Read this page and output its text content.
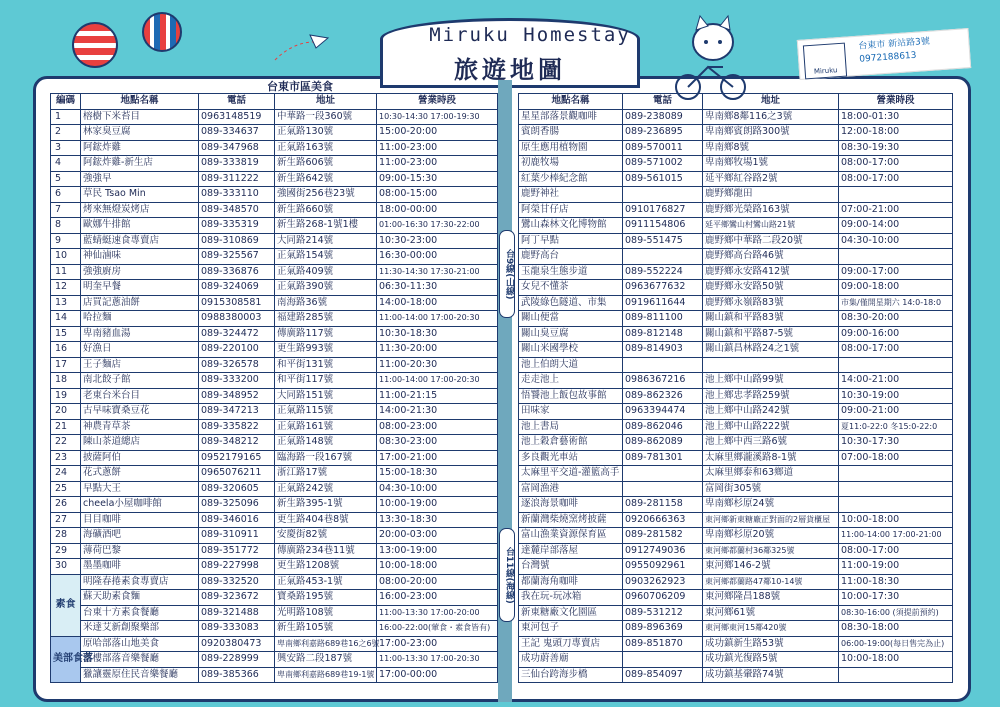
Miruku Homestay
旅遊地圖
台東市 新站路3號
0972188613
Miruku
台東市區美食
編碼	地點名稱	電話	地址	營業時段
1	榕樹下米苔目	0963148519	中華路一段360號	10:30-14:30 17:00-19:30
2	林家臭豆腐	089-334637	正氣路130號	15:00-20:00
3	阿鋐炸雞	089-347968	正氣路163號	11:00-23:00
4	阿鋐炸雞-新生店	089-333819	新生路606號	11:00-23:00
5	強強早	089-311222	新生路642號	09:00-15:30
6	草民 Tsao Min	089-333110	強國街256巷23號	08:00-15:00
7	烤來無燈炭烤店	089-348570	新生路660號	18:00-00:00
8	歐娜牛排館	089-335319	新生路268-1號1樓	01:00-16:30 17:30-22:00
9	藍蜻蜓速食專賣店	089-310869	大同路214號	10:30-23:00
10	神仙滷味	089-325567	正氣路154號	16:30-00:00
11	強強廚房	089-336876	正氣路409號	11:30-14:30 17:30-21:00
12	明奎早餐	089-324069	正氣路390號	06:30-11:30
13	店買記蔥油餅	0915308581	南海路36號	14:00-18:00
14	哈拉麵	0988380003	福建路285號	11:00-14:00 17:00-20:30
15	卑南豬血湯	089-324472	傳廣路117號	10:30-18:30
16	好漁日	089-220100	更生路993號	11:30-20:00
17	王子麵店	089-326578	和平街131號	11:00-20:30
18	南北餃子館	089-333200	和平街117號	11:00-14:00 17:00-20:30
19	老東台米台目	089-348952	大同路151號	11:00-21:15
20	古早味寶桑豆花	089-347213	正氣路115號	14:00-21:30
21	神農青草茶	089-335822	正氣路161號	08:00-23:00
22	陳山茶道總店	089-348212	正氣路148號	08:30-23:00
23	披薩阿伯	0952179165	臨海路一段167號	17:00-21:00
24	花式蔥餅	0965076211	浙江路17號	15:00-18:30
25	早點大王	089-320605	正氣路242號	04:30-10:00
26	cheela小屋咖啡館	089-325096	新生路395-1號	10:00-19:00
27	目目咖啡	089-346016	更生路404巷8號	13:30-18:30
28	海礦酒吧	089-310911	安慶街82號	20:00-03:00
29	薄荷巴黎	089-351772	傳廣路234巷11號	13:00-19:00
30	墨墨咖啡	089-227998	更生路1208號	10:00-18:00
素食	明隆春捲素食專賣店	089-332520	正氣路453-1號	08:00-20:00
	蘇天助素食麵	089-323672	寶桑路195號	16:00-23:00
	台東十方素食餐廳	089-321488	光明路108號	11:00-13:30 17:00-20:00
	米達艾新創聚樂部	089-333083	新生路105號	16:00-22:00(葷食・素食皆有)
美部食落	原哈部落山地美食	0920380473	卑南鄉利嘉路689巷16之6號	17:00-23:00
	雲樓部落音樂餐廳	089-228999	興安路二段187號	11:00-13:30 17:00-20:30
	獵讓靈原住民音樂餐廳	089-385366	卑南鄉利嘉路689巷19-1號	17:00-00:00
地點名稱	電話	地址	營業時段
星星部落景觀咖啡	089-238089	卑南鄉8鄰116之3號	18:00-01:30
賓朗香腸	089-236895	卑南鄉賓朗路300號	12:00-18:00
原生應用植物園	089-570011	卑南鄉8號	08:30-19:30
初鹿牧場	089-571002	卑南鄉牧場1號	08:00-17:00
紅葉少棒紀念館	089-561015	延平鄉紅谷路2號	08:00-17:00
鹿野神社		鹿野鄉龍田	
阿榮甘仔店	0910176827	鹿野鄉光榮路163號	07:00-21:00
鸞山森林文化博物館	0911154806	延平鄉鸞山村鸞山路21號	09:00-14:00
阿丁早點	089-551475	鹿野鄉中華路二段20號	04:30-10:00
鹿野高台		鹿野鄉高台路46號	
玉龍泉生態步道	089-552224	鹿野鄉永安路412號	09:00-17:00
女兒不懂茶	0963677632	鹿野鄉永安路50號	09:00-18:00
武陵綠色隧道、市集	0919611644	鹿野鄉永嶺路83號	市集/僅開星期六 14:0-18:0
關山便當	089-811100	關山鎮和平路83號	08:30-20:00
關山臭豆腐	089-812148	關山鎮和平路87-5號	09:00-16:00
關山米國學校	089-814903	關山鎮昌林路24之1號	08:00-17:00
池上伯朗大道			
走走池上	0986367216	池上鄉中山路99號	14:00-21:00
悟饕池上飯包故事館	089-862326	池上鄉忠孝路259號	10:30-19:00
田味家	0963394474	池上鄉中山路242號	09:00-21:00
池上書局	089-862046	池上鄉中山路222號	夏11:0-22:0 冬15:0-22:0
池上穀倉藝術館	089-862089	池上鄉中西三路6號	10:30-17:30
多良觀光車站	089-781301	太麻里鄉瀧溪路8-1號	07:00-18:00
太麻里平交道-灌籃高手		太麻里鄉泰和63鄉道	
富岡漁港		富岡街305號	
逐浪海景咖啡	089-281158	卑南鄉杉原24號	
新蘭灣柴燒窯烤披薩	0920666363	東河鄉新東糖廠正對面的2層貨櫃屋	10:00-18:00
富山漁業資源保育區	089-281582	卑南鄉杉原20號	11:00-14:00 17:00-21:00
達麓岸部落屋	0912749036	東河鄉都蘭村36鄰325號	08:00-17:00
台灣號	0955092961	東河鄉146-2號	11:00-19:00
都蘭海角咖啡	0903262923	東河鄉都蘭路47鄰10-14號	11:00-18:30
我在玩-玩冰箱	0960706209	東河鄉隆昌188號	10:00-17:30
新東糖廠文化園區	089-531212	東河鄉61號	08:30-16:00 (須提前預約)
東河包子	089-896369	東河鄉東河15鄰420號	08:30-18:00
王記 鬼頭刀專賣店	089-851870	成功鎮新生路53號	06:00-19:00(每日售完為止)
成功蔚善廟		成功鎮光復路5號	10:00-18:00
三仙台跨海步橋	089-854097	成功鎮基翬路74號	
台9線(山線)
台11線(海線)
